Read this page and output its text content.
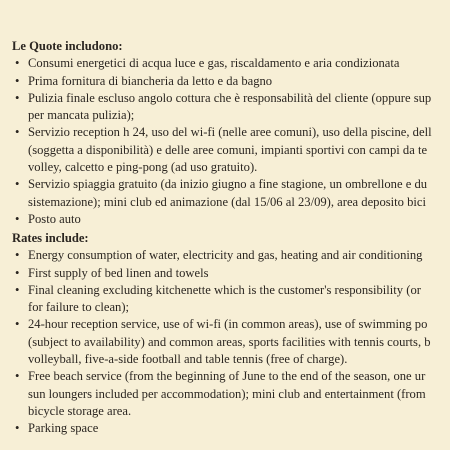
Le Quote includono:

• Consumi energetici di acqua luce e gas, riscaldamento e aria condizionata
• Prima fornitura di biancheria da letto e da bagno
• Pulizia finale escluso angolo cottura che è responsabilità del cliente (oppure sup
per mancata pulizia);
• Servizio reception h 24, uso del wi-fi (nelle aree comuni), uso della piscine, dell
(soggetta a disponibilità) e delle aree comuni, impianti sportivi con campi da te
volley, calcetto e ping-pong (ad uso gratuito).
• Servizio spiaggia gratuito (da inizio giugno a fine stagione, un ombrellone e du
sistemazione); mini club ed animazione (dal 15/06 al 23/09), area deposito bici
• Posto auto

Rates include:

• Energy consumption of water, electricity and gas, heating and air conditioning
• First supply of bed linen and towels
• Final cleaning excluding kitchenette which is the customer's responsibility (or
for failure to clean);
• 24-hour reception service, use of wi-fi (in common areas), use of swimming po
(subject to availability) and common areas, sports facilities with tennis courts, b
volleyball, five-a-side football and table tennis (free of charge).
• Free beach service (from the beginning of June to the end of the season, one ur
sun loungers included per accommodation); mini club and entertainment (from
bicycle storage area.
• Parking space
